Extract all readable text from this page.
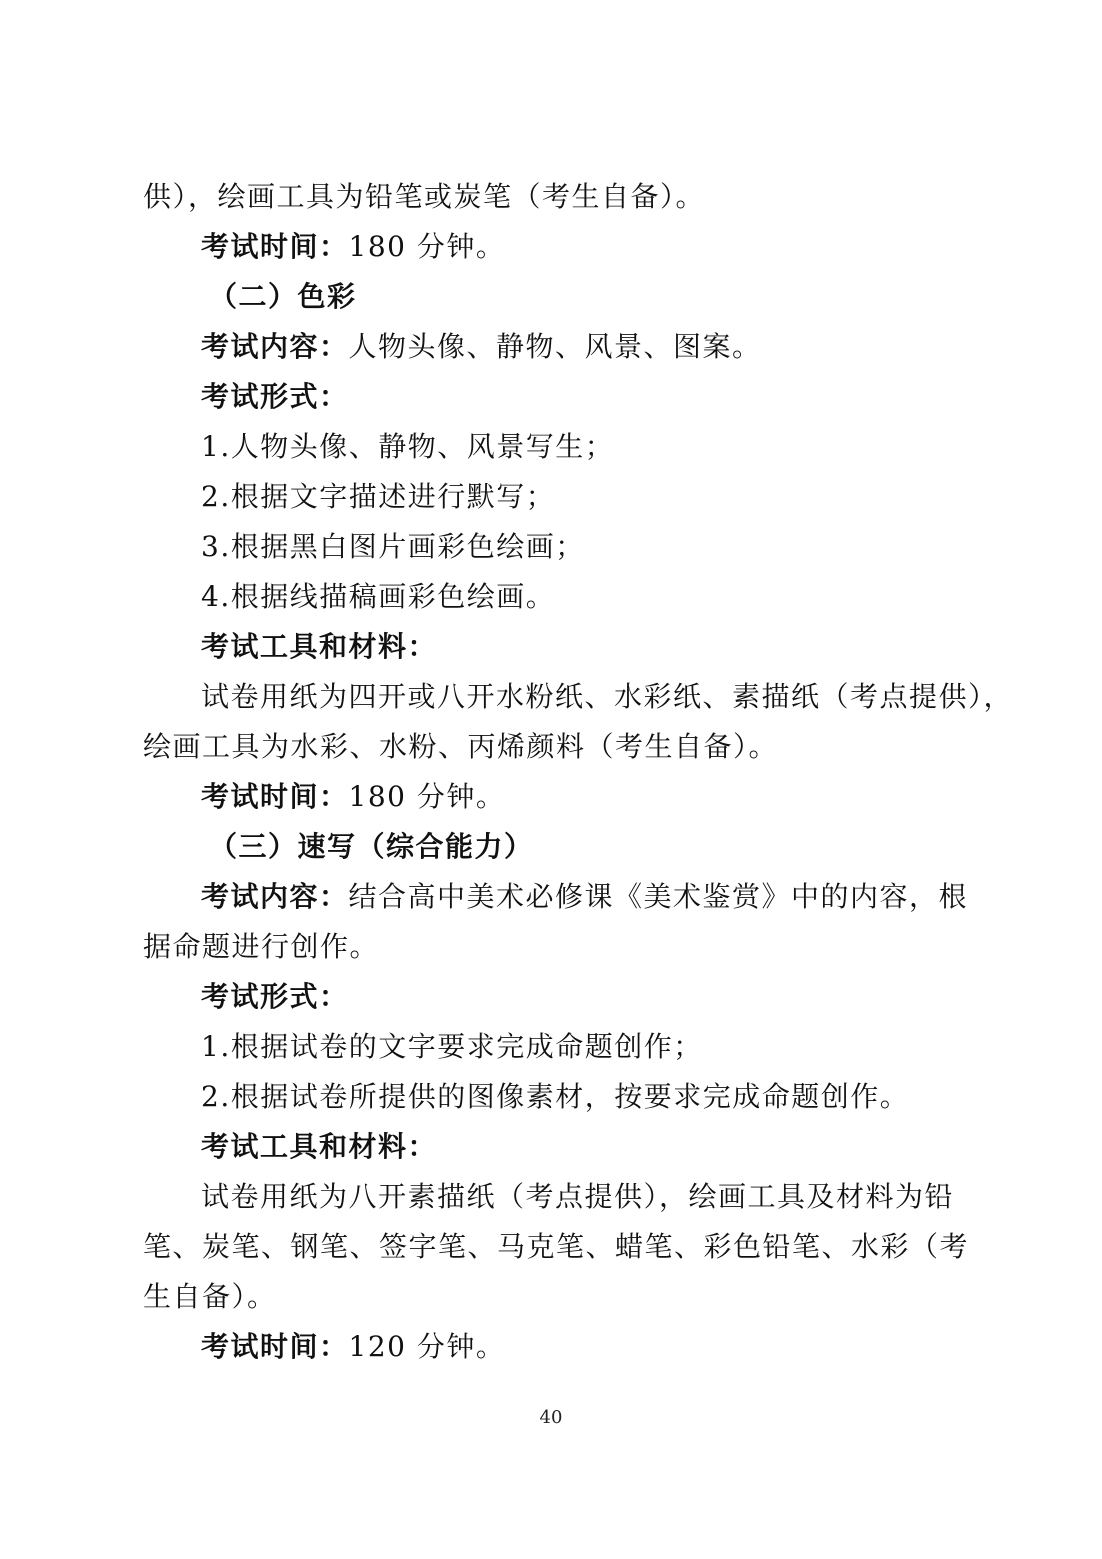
供），绘画工具为铅笔或炭笔（考生自备）。
考试时间：180 分钟。
（二）色彩
考试内容：人物头像、静物、风景、图案。
考试形式：
1.人物头像、静物、风景写生；
2.根据文字描述进行默写；
3.根据黑白图片画彩色绘画；
4.根据线描稿画彩色绘画。
考试工具和材料：
试卷用纸为四开或八开水粉纸、水彩纸、素描纸（考点提供），
绘画工具为水彩、水粉、丙烯颜料（考生自备）。
考试时间：180 分钟。
（三）速写（综合能力）
考试内容：结合高中美术必修课《美术鉴赏》中的内容，根
据命题进行创作。
考试形式：
1.根据试卷的文字要求完成命题创作；
2.根据试卷所提供的图像素材，按要求完成命题创作。
考试工具和材料：
试卷用纸为八开素描纸（考点提供），绘画工具及材料为铅
笔、炭笔、钢笔、签字笔、马克笔、蜡笔、彩色铅笔、水彩（考
生自备）。
考试时间：120 分钟。
40
